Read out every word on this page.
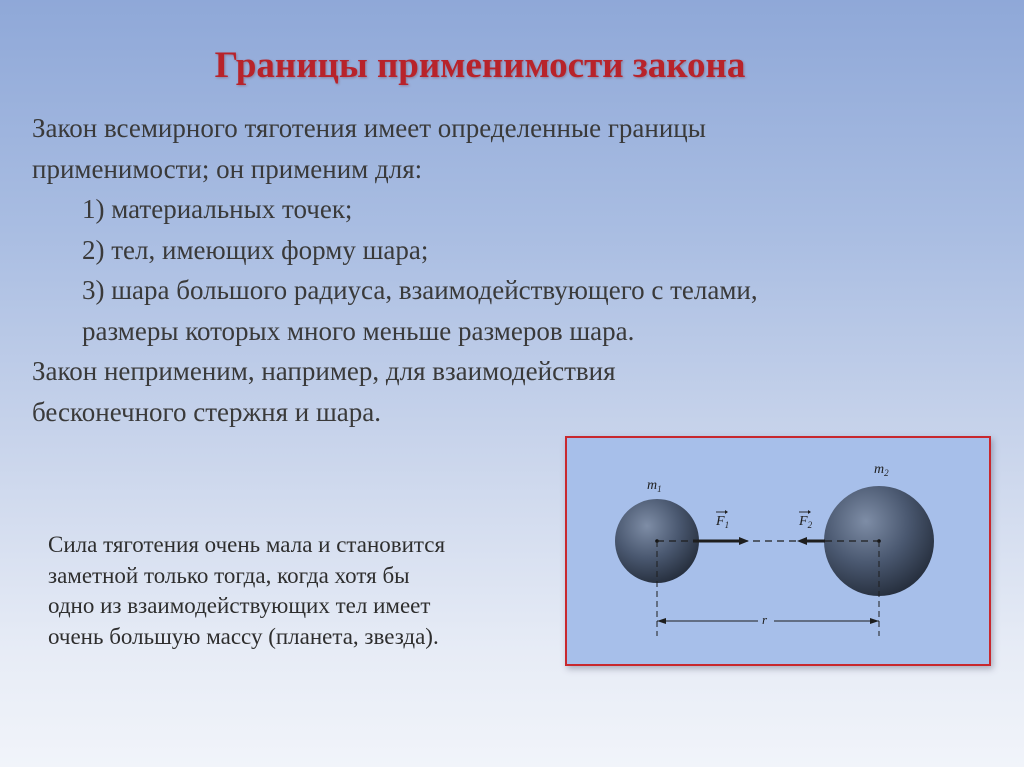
Границы применимости закона

Закон всемирного тяготения имеет определенные границы

применимости; он применим для:

1) материальных точек;

2) тел, имеющих форму шара;

3) шара большого радиуса, взаимодействующего с телами,

размеры которых много меньше размеров шара.

Закон неприменим, например, для взаимодействия

бесконечного стержня и шара.

Сила тяготения очень мала и становится

заметной только тогда, когда хотя бы

одно из взаимодействующих тел имеет

очень большую массу (планета, звезда).

$m_1$
$m_2$
$F_1$	$F_2$
r
